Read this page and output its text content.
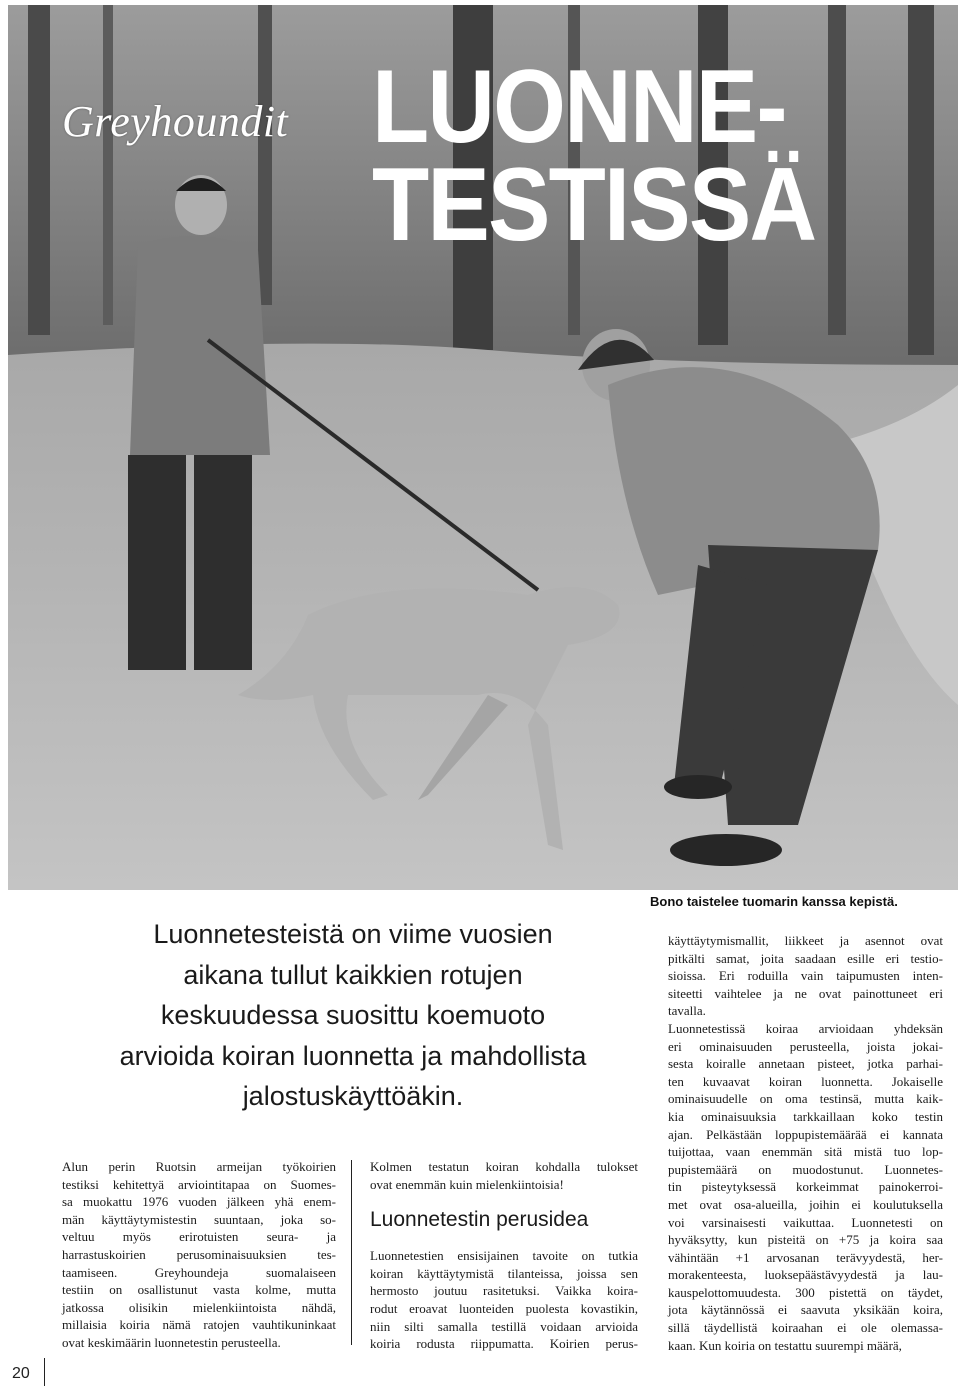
Greyhoundit LUONNE-
TESTISSÄ
Bono taistelee tuomarin kanssa kepistä.
Luonnetesteistä on viime vuosien
aikana tullut kaikkien rotujen
keskuudessa suosittu koemuoto
arvioida koiran luonnetta ja mahdollista
jalostuskäyttöäkin.
Alun perin Ruotsin armeijan työkoirien
testiksi kehitettyä arviointitapaa on Suomes-
sa muokattu 1976 vuoden jälkeen yhä enem-
män käyttäytymistestin suuntaan, joka so-
veltuu myös erirotuisten seura- ja
harrastuskoirien perusominaisuuksien tes-
taamiseen. Greyhoundeja suomalaiseen
testiin on osallistunut vasta kolme, mutta
jatkossa olisikin mielenkiintoista nähdä,
millaisia koiria nämä ratojen vauhtikuninkaat
ovat keskimäärin luonnetestin perusteella.
Kolmen testatun koiran kohdalla tulokset
ovat enemmän kuin mielenkiintoisia!
Luonnetestin perusidea
Luonnetestien ensisijainen tavoite on tutkia
koiran käyttäytymistä tilanteissa, joissa sen
hermosto joutuu rasitetuksi. Vaikka koira-
rodut eroavat luonteiden puolesta kovastikin,
niin silti samalla testillä voidaan arvioida
koiria rodusta riippumatta. Koirien perus-
käyttäytymismallit, liikkeet ja asennot ovat
pitkälti samat, joita saadaan esille eri testio-
sioissa. Eri roduilla vain taipumusten inten-
siteetti vaihtelee ja ne ovat painottuneet eri
tavalla.
Luonnetestissä koiraa arvioidaan yhdeksän
eri ominaisuuden perusteella, joista jokai-
sesta koiralle annetaan pisteet, jotka parhai-
ten kuvaavat koiran luonnetta. Jokaiselle
ominaisuudelle on oma testinsä, mutta kaik-
kia ominaisuuksia tarkkaillaan koko testin
ajan. Pelkästään loppupistemäärää ei kannata
tuijottaa, vaan enemmän sitä mistä tuo lop-
pupistemäärä on muodostunut. Luonnetes-
tin pisteytyksessä korkeimmat painokerroi-
met ovat osa-alueilla, joihin ei koulutuksella
voi varsinaisesti vaikuttaa. Luonnetesti on
hyväksytty, kun pisteitä on +75 ja koira saa
vähintään +1 arvosanan terävyydestä, her-
morakenteesta, luoksepäästävyydestä ja lau-
kauspelottomuudesta. 300 pistettä on täydet,
jota käytännössä ei saavuta yksikään koira,
sillä täydellistä koiraahan ei ole olemassa-
kaan. Kun koiria on testattu suurempi määrä,
20
